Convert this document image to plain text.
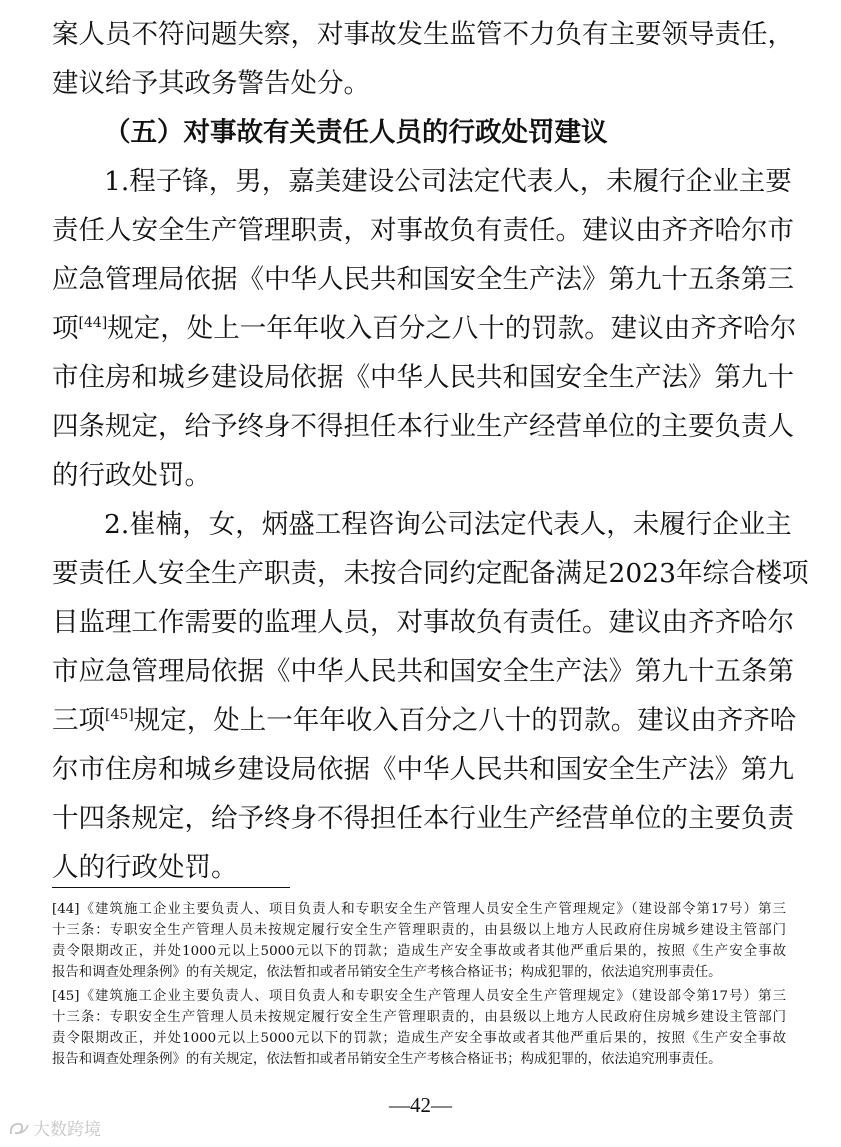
案人员不符问题失察，对事故发生监管不力负有主要领导责任，

建议给予其政务警告处分。

（五）对事故有关责任人员的行政处罚建议

1.程子锋，男，嘉美建设公司法定代表人，未履行企业主要

责任人安全生产管理职责，对事故负有责任。建议由齐齐哈尔市

应急管理局依据《中华人民共和国安全生产法》第九十五条第三

项[44]规定，处上一年年收入百分之八十的罚款。建议由齐齐哈尔

市住房和城乡建设局依据《中华人民共和国安全生产法》第九十

四条规定，给予终身不得担任本行业生产经营单位的主要负责人

的行政处罚。

2.崔楠，女，炳盛工程咨询公司法定代表人，未履行企业主

要责任人安全生产职责，未按合同约定配备满足2023年综合楼项

目监理工作需要的监理人员，对事故负有责任。建议由齐齐哈尔

市应急管理局依据《中华人民共和国安全生产法》第九十五条第

三项[45]规定，处上一年年收入百分之八十的罚款。建议由齐齐哈

尔市住房和城乡建设局依据《中华人民共和国安全生产法》第九

十四条规定，给予终身不得担任本行业生产经营单位的主要负责

人的行政处罚。

[44]《建筑施工企业主要负责人、项目负责人和专职安全生产管理人员安全生产管理规定》（建设部令第17号）第三

十三条：专职安全生产管理人员未按规定履行安全生产管理职责的，由县级以上地方人民政府住房城乡建设主管部门

责令限期改正，并处1000元以上5000元以下的罚款；造成生产安全事故或者其他严重后果的，按照《生产安全事故

报告和调查处理条例》的有关规定，依法暂扣或者吊销安全生产考核合格证书；构成犯罪的，依法追究刑事责任。

[45]《建筑施工企业主要负责人、项目负责人和专职安全生产管理人员安全生产管理规定》（建设部令第17号）第三

十三条：专职安全生产管理人员未按规定履行安全生产管理职责的，由县级以上地方人民政府住房城乡建设主管部门

责令限期改正，并处1000元以上5000元以下的罚款；造成生产安全事故或者其他严重后果的，按照《生产安全事故

报告和调查处理条例》的有关规定，依法暂扣或者吊销安全生产考核合格证书；构成犯罪的，依法追究刑事责任。

—42—
大数跨境
